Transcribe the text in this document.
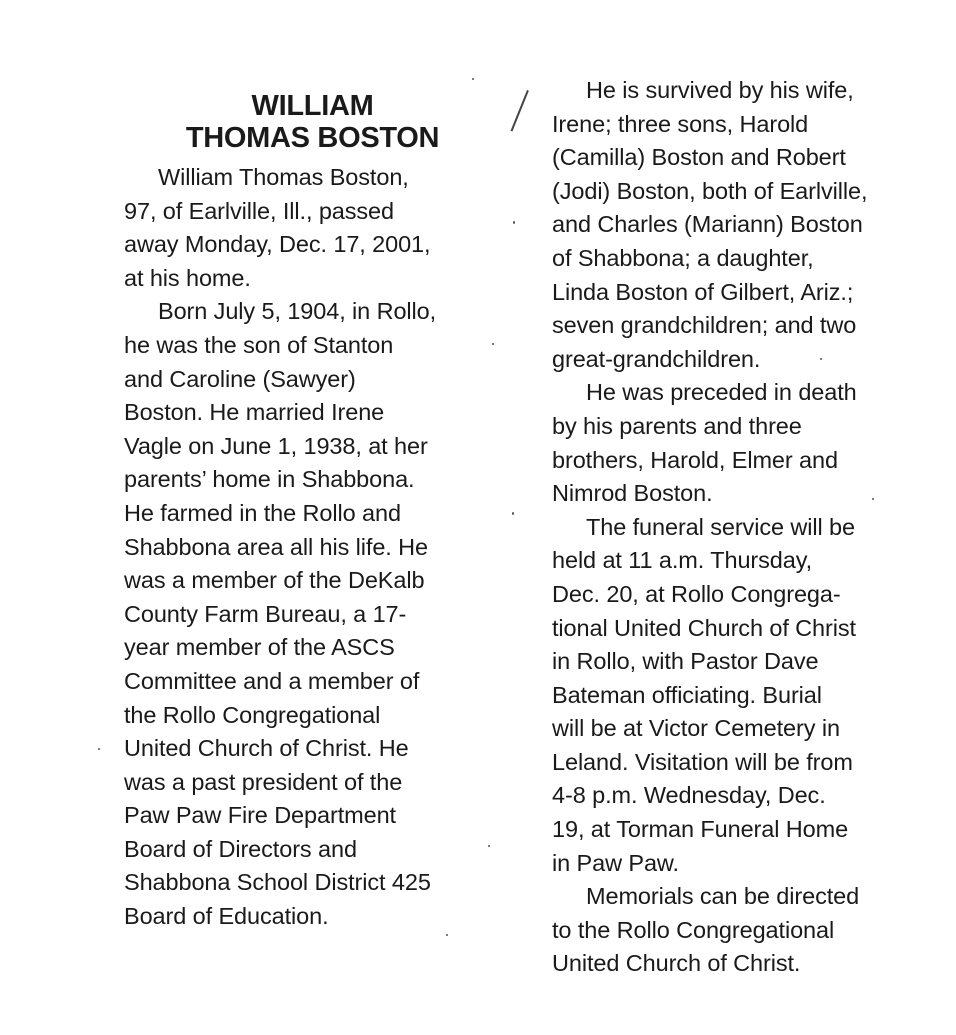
WILLIAM
THOMAS BOSTON
William Thomas Boston,
97, of Earlville, Ill., passed
away Monday, Dec. 17, 2001,
at his home.
Born July 5, 1904, in Rollo,
he was the son of Stanton
and Caroline (Sawyer)
Boston. He married Irene
Vagle on June 1, 1938, at her
parents’ home in Shabbona.
He farmed in the Rollo and
Shabbona area all his life. He
was a member of the DeKalb
County Farm Bureau, a 17-
year member of the ASCS
Committee and a member of
the Rollo Congregational
United Church of Christ. He
was a past president of the
Paw Paw Fire Department
Board of Directors and
Shabbona School District 425
Board of Education.
He is survived by his wife,
Irene; three sons, Harold
(Camilla) Boston and Robert
(Jodi) Boston, both of Earlville,
and Charles (Mariann) Boston
of Shabbona; a daughter,
Linda Boston of Gilbert, Ariz.;
seven grandchildren; and two
great-grandchildren.
He was preceded in death
by his parents and three
brothers, Harold, Elmer and
Nimrod Boston.
The funeral service will be
held at 11 a.m. Thursday,
Dec. 20, at Rollo Congrega-
tional United Church of Christ
in Rollo, with Pastor Dave
Bateman officiating. Burial
will be at Victor Cemetery in
Leland. Visitation will be from
4-8 p.m. Wednesday, Dec.
19, at Torman Funeral Home
in Paw Paw.
Memorials can be directed
to the Rollo Congregational
United Church of Christ.
